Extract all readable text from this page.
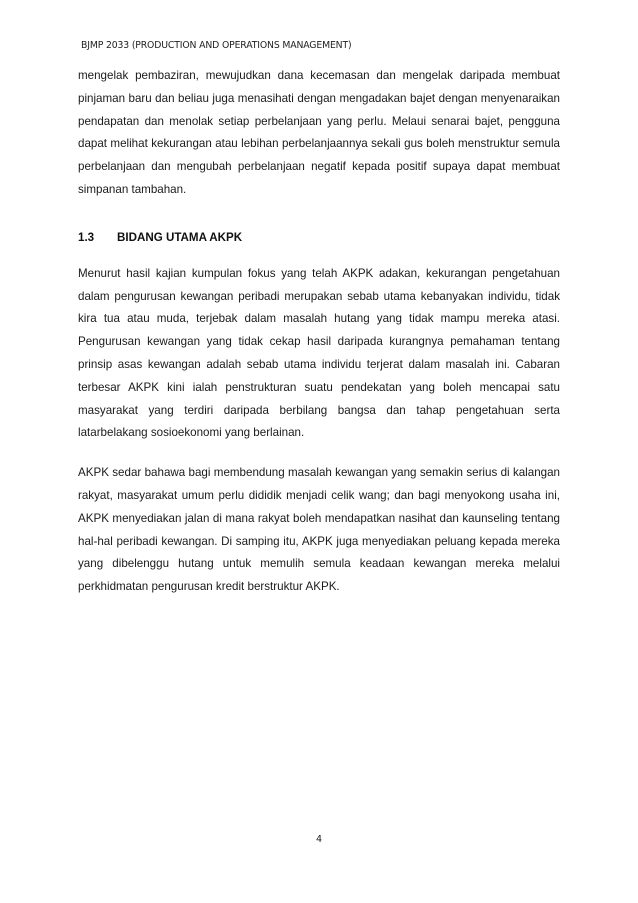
BJMP 2033 (PRODUCTION AND OPERATIONS MANAGEMENT)

mengelak pembaziran, mewujudkan dana kecemasan dan mengelak daripada membuat pinjaman baru dan beliau juga menasihati dengan mengadakan bajet dengan menyenaraikan pendapatan dan menolak setiap perbelanjaan yang perlu. Melaui senarai bajet, pengguna dapat melihat kekurangan atau lebihan perbelanjaannya sekali gus boleh menstruktur semula perbelanjaan dan mengubah perbelanjaan negatif kepada positif supaya dapat membuat simpanan tambahan.

1.3	BIDANG UTAMA AKPK

Menurut hasil kajian kumpulan fokus yang telah AKPK adakan, kekurangan pengetahuan dalam pengurusan kewangan peribadi merupakan sebab utama kebanyakan individu, tidak kira tua atau muda, terjebak dalam masalah hutang yang tidak mampu mereka atasi. Pengurusan kewangan yang tidak cekap hasil daripada kurangnya pemahaman tentang prinsip asas kewangan adalah sebab utama individu terjerat dalam masalah ini. Cabaran terbesar AKPK kini ialah penstrukturan suatu pendekatan yang boleh mencapai satu masyarakat yang terdiri daripada berbilang bangsa dan tahap pengetahuan serta latarbelakang sosioekonomi yang berlainan.

AKPK sedar bahawa bagi membendung masalah kewangan yang semakin serius di kalangan rakyat, masyarakat umum perlu dididik menjadi celik wang; dan bagi menyokong usaha ini, AKPK menyediakan jalan di mana rakyat boleh mendapatkan nasihat dan kaunseling tentang hal-hal peribadi kewangan. Di samping itu, AKPK juga menyediakan peluang kepada mereka yang dibelenggu hutang untuk memulih semula keadaan kewangan mereka melalui perkhidmatan pengurusan kredit berstruktur AKPK.

4
